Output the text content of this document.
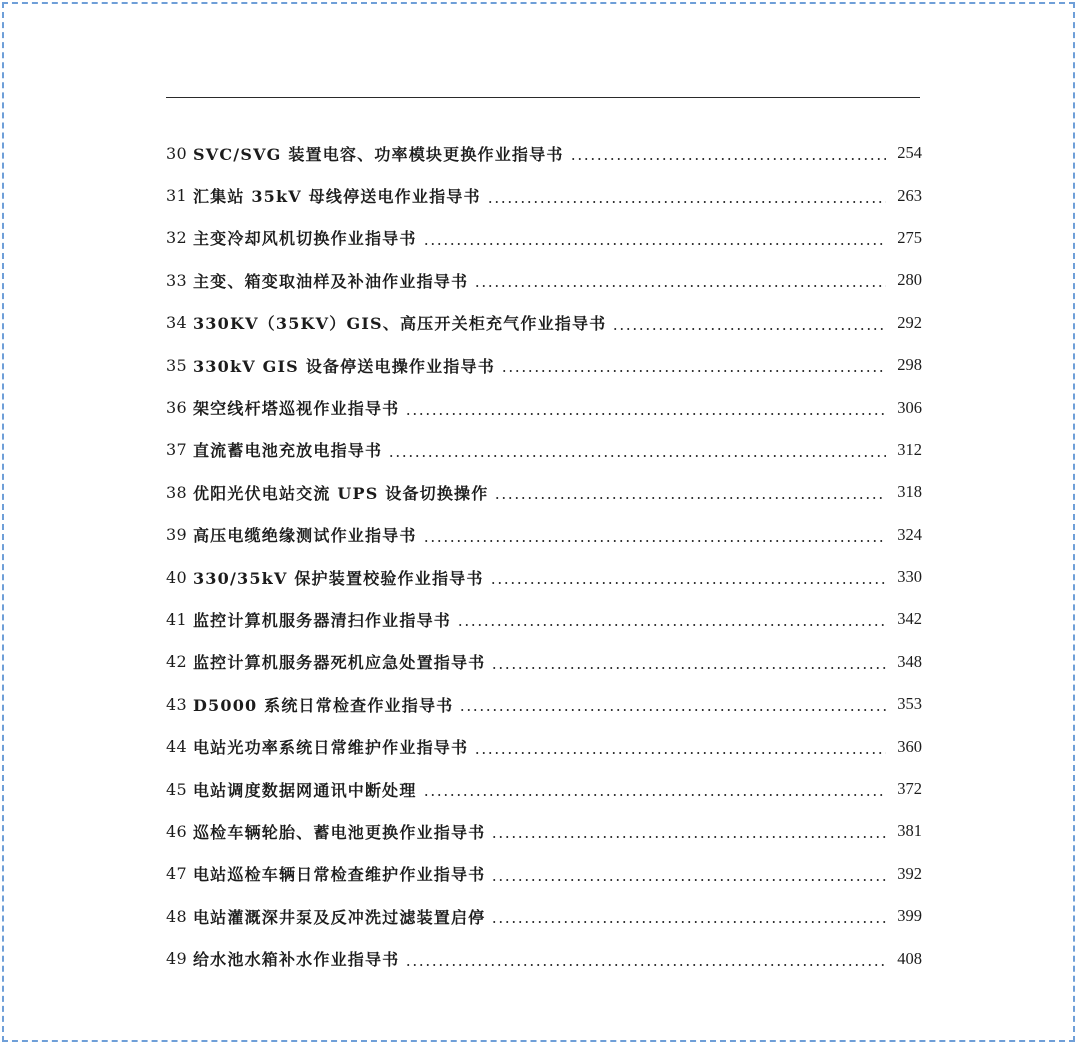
30 SVC/SVG 装置电容、功率模块更换作业指导书	254
31 汇集站 35kV 母线停送电作业指导书	263
32 主变冷却风机切换作业指导书	275
33 主变、箱变取油样及补油作业指导书	280
34 330KV（35KV）GIS、高压开关柜充气作业指导书	292
35 330kV GIS 设备停送电操作业指导书	298
36 架空线杆塔巡视作业指导书	306
37 直流蓄电池充放电指导书	312
38 优阳光伏电站交流 UPS 设备切换操作	318
39 高压电缆绝缘测试作业指导书	324
40 330/35kV 保护装置校验作业指导书	330
41 监控计算机服务器清扫作业指导书	342
42 监控计算机服务器死机应急处置指导书	348
43 D5000 系统日常检查作业指导书	353
44 电站光功率系统日常维护作业指导书	360
45 电站调度数据网通讯中断处理	372
46 巡检车辆轮胎、蓄电池更换作业指导书	381
47 电站巡检车辆日常检查维护作业指导书	392
48 电站灌溉深井泵及反冲洗过滤装置启停	399
49 给水池水箱补水作业指导书	408
